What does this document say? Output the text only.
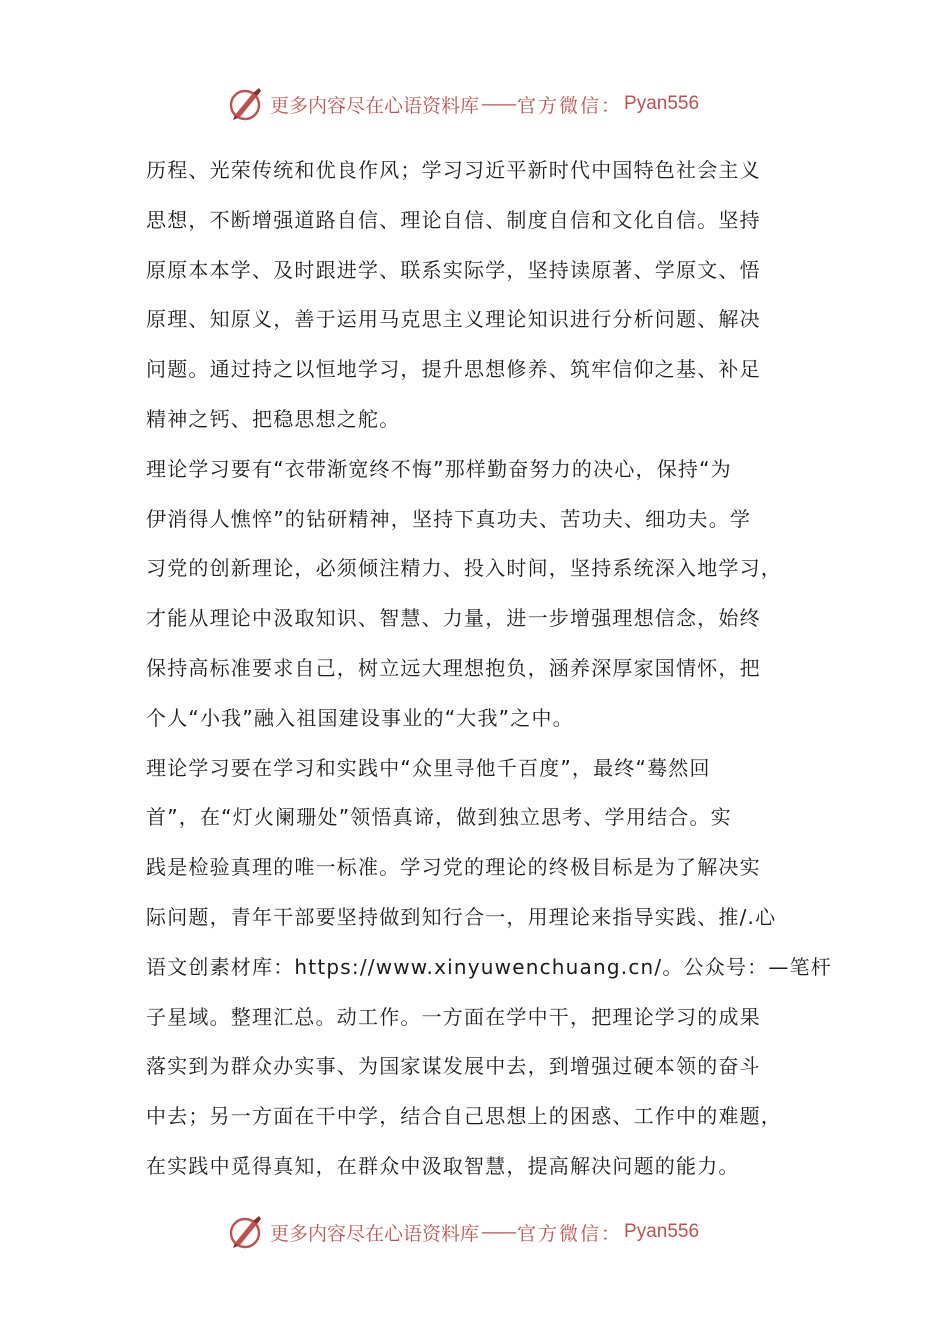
更多内容尽在心语资料库 —— 官方微信： Pyan556
历程、光荣传统和优良作风；学习习近平新时代中国特色社会主义
思想，不断增强道路自信、理论自信、制度自信和文化自信。坚持
原原本本学、及时跟进学、联系实际学，坚持读原著、学原文、悟
原理、知原义，善于运用马克思主义理论知识进行分析问题、解决
问题。通过持之以恒地学习，提升思想修养、筑牢信仰之基、补足
精神之钙、把稳思想之舵。
理论学习要有“衣带渐宽终不悔”那样勤奋努力的决心，保持“为
伊消得人憔悴”的钻研精神，坚持下真功夫、苦功夫、细功夫。学
习党的创新理论，必须倾注精力、投入时间，坚持系统深入地学习，
才能从理论中汲取知识、智慧、力量，进一步增强理想信念，始终
保持高标准要求自己，树立远大理想抱负，涵养深厚家国情怀，把
个人“小我”融入祖国建设事业的“大我”之中。
理论学习要在学习和实践中“众里寻他千百度”，最终“蓦然回
首”，在“灯火阑珊处”领悟真谛，做到独立思考、学用结合。实
践是检验真理的唯一标准。学习党的理论的终极目标是为了解决实
际问题，青年干部要坚持做到知行合一，用理论来指导实践、推/.心
语文创素材库：https://www.xinyuwenchuang.cn/。公众号：—笔杆
子星域。整理汇总。动工作。一方面在学中干，把理论学习的成果
落实到为群众办实事、为国家谋发展中去，到增强过硬本领的奋斗
中去；另一方面在干中学，结合自己思想上的困惑、工作中的难题，
在实践中觅得真知，在群众中汲取智慧，提高解决问题的能力。
更多内容尽在心语资料库 —— 官方微信： Pyan556
